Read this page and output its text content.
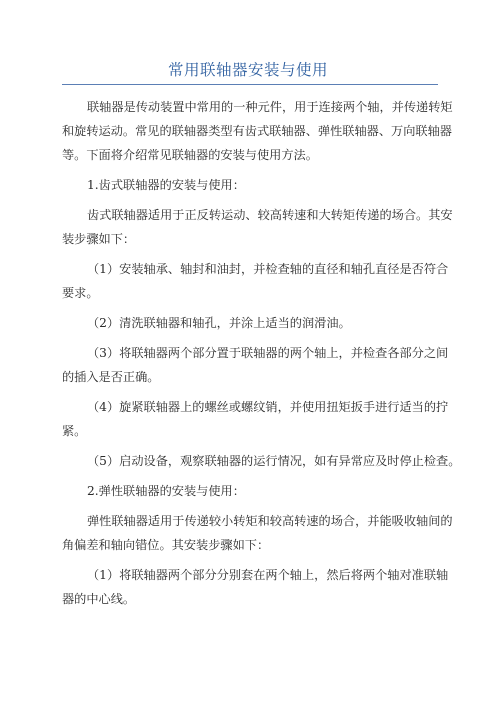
常用联轴器安装与使用
联轴器是传动装置中常用的一种元件，用于连接两个轴，并传递转矩
和旋转运动。常见的联轴器类型有齿式联轴器、弹性联轴器、万向联轴器
等。下面将介绍常见联轴器的安装与使用方法。
1.齿式联轴器的安装与使用：
齿式联轴器适用于正反转运动、较高转速和大转矩传递的场合。其安
装步骤如下：
（1）安装轴承、轴封和油封，并检查轴的直径和轴孔直径是否符合
要求。
（2）清洗联轴器和轴孔，并涂上适当的润滑油。
（3）将联轴器两个部分置于联轴器的两个轴上，并检查各部分之间
的插入是否正确。
（4）旋紧联轴器上的螺丝或螺纹销，并使用扭矩扳手进行适当的拧
紧。
（5）启动设备，观察联轴器的运行情况，如有异常应及时停止检查。
2.弹性联轴器的安装与使用：
弹性联轴器适用于传递较小转矩和较高转速的场合，并能吸收轴间的
角偏差和轴向错位。其安装步骤如下：
（1）将联轴器两个部分分别套在两个轴上，然后将两个轴对准联轴
器的中心线。
